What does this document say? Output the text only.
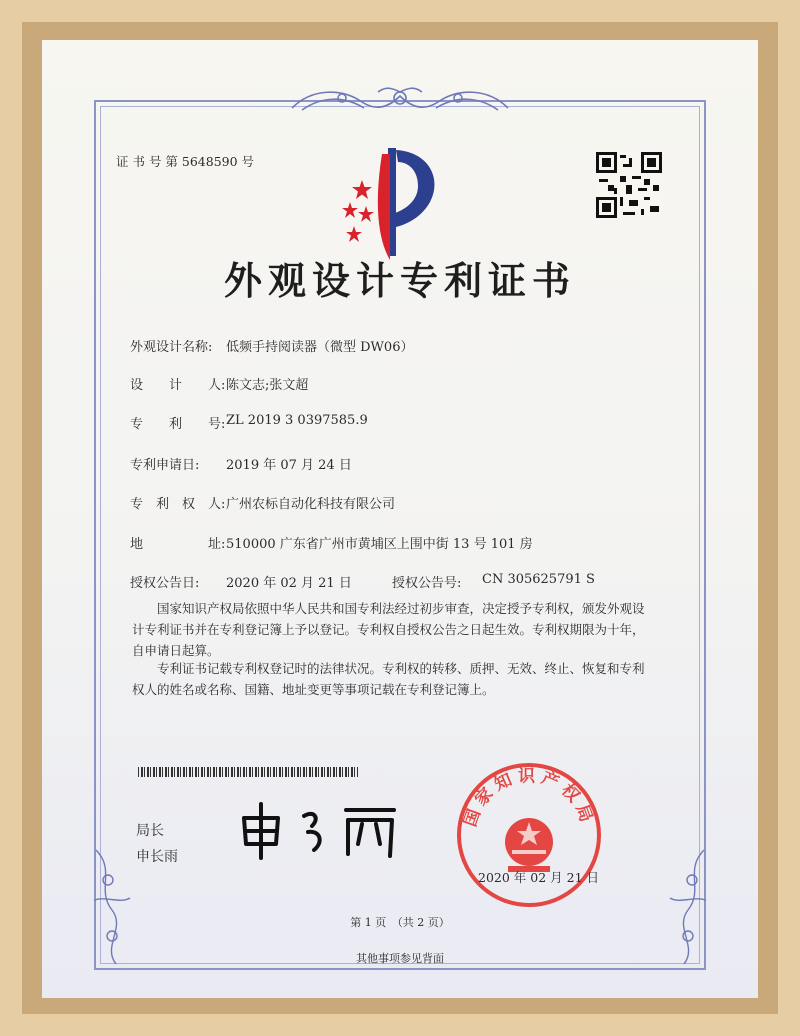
证 书 号 第 5648590 号
外观设计专利证书
外观设计名称: 低频手持阅读器（微型 DW06）
设　　计　　人: 陈文志;张文超
专　　利　　号: ZL 2019 3 0397585.9
专利申请日: 2019 年 07 月 24 日
专　利　权　人: 广州农标自动化科技有限公司
地　　　　　址: 510000 广东省广州市黄埔区上围中街 13 号 101 房
授权公告日: 2020 年 02 月 21 日	授权公告号: CN 305625791 S
国家知识产权局依照中华人民共和国专利法经过初步审查，决定授予专利权，颁发外观设计专利证书并在专利登记簿上予以登记。专利权自授权公告之日起生效。专利权期限为十年，自申请日起算。
专利证书记载专利权登记时的法律状况。专利权的转移、质押、无效、终止、恢复和专利权人的姓名或名称、国籍、地址变更等事项记载在专利登记簿上。
局长
申长雨
国家知识产权局
2020 年 02 月 21 日
第 1 页　（共 2 页）
其他事项参见背面
